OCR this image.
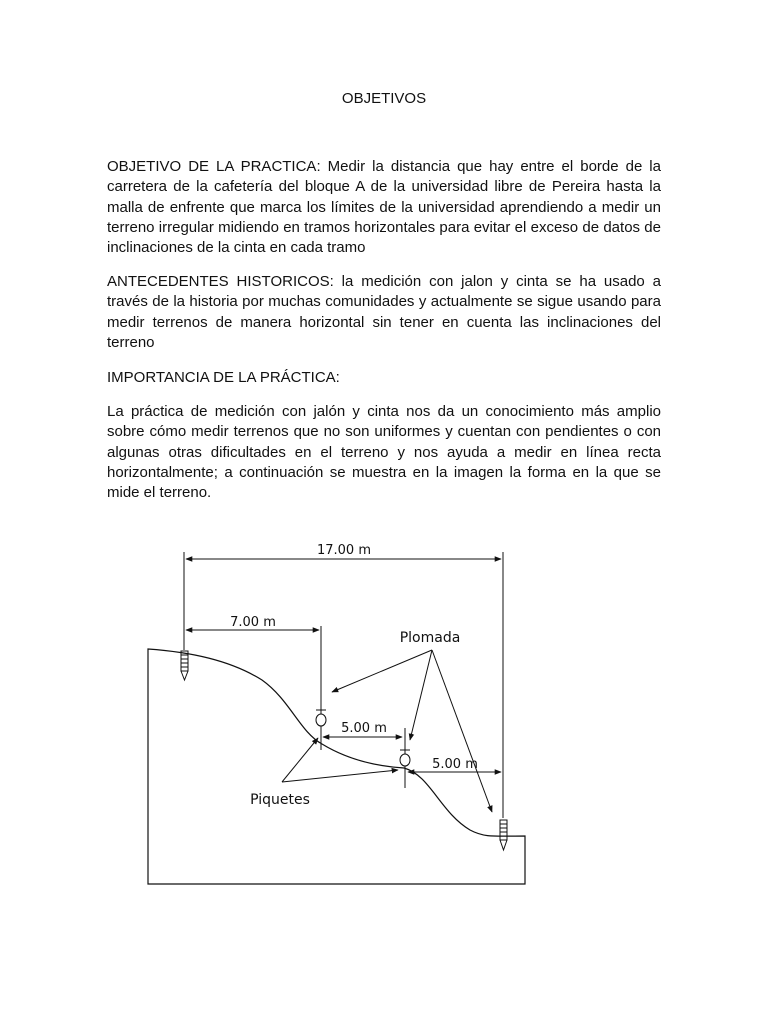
OBJETIVOS
OBJETIVO DE LA PRACTICA: Medir la distancia que hay entre el borde de la carretera de la cafetería del bloque A de la universidad libre de Pereira hasta la malla de enfrente que marca los límites de la universidad aprendiendo a medir un terreno irregular midiendo en tramos horizontales para evitar el exceso de datos de inclinaciones de la cinta en cada tramo
ANTECEDENTES HISTORICOS: la medición con jalon y cinta se ha usado a través de la historia por muchas comunidades y actualmente se sigue usando para medir terrenos de manera horizontal sin tener en cuenta las inclinaciones del terreno
IMPORTANCIA DE LA PRÁCTICA:
La práctica de medición con jalón y cinta nos da un conocimiento más amplio sobre cómo medir terrenos que no son uniformes y cuentan con pendientes o con algunas otras dificultades en el terreno y nos ayuda a medir en línea recta horizontalmente; a continuación se muestra en la imagen la forma en la que se mide el terreno.
17.00 m
7.00 m
5.00 m
5.00 m
Plomada
Piquetes
